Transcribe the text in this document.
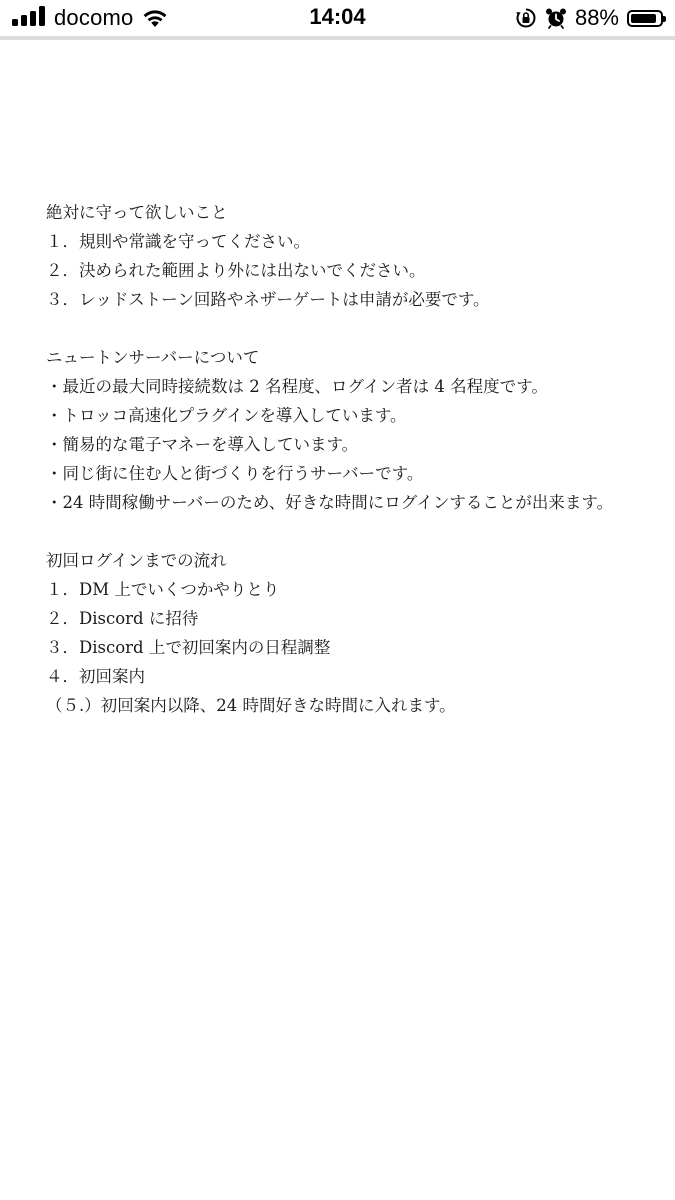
docomo	14:04	88%
絶対に守って欲しいこと
１．規則や常識を守ってください。
２．決められた範囲より外には出ないでください。
３．レッドストーン回路やネザーゲートは申請が必要です。
ニュートンサーバーについて
・最近の最大同時接続数は 2 名程度、ログイン者は 4 名程度です。
・トロッコ高速化プラグインを導入しています。
・簡易的な電子マネーを導入しています。
・同じ街に住む人と街づくりを行うサーバーです。
・24 時間稼働サーバーのため、好きな時間にログインすることが出来ます。
初回ログインまでの流れ
１．DM 上でいくつかやりとり
２．Discord に招待
３．Discord 上で初回案内の日程調整
４．初回案内
（５.）初回案内以降、24 時間好きな時間に入れます。
